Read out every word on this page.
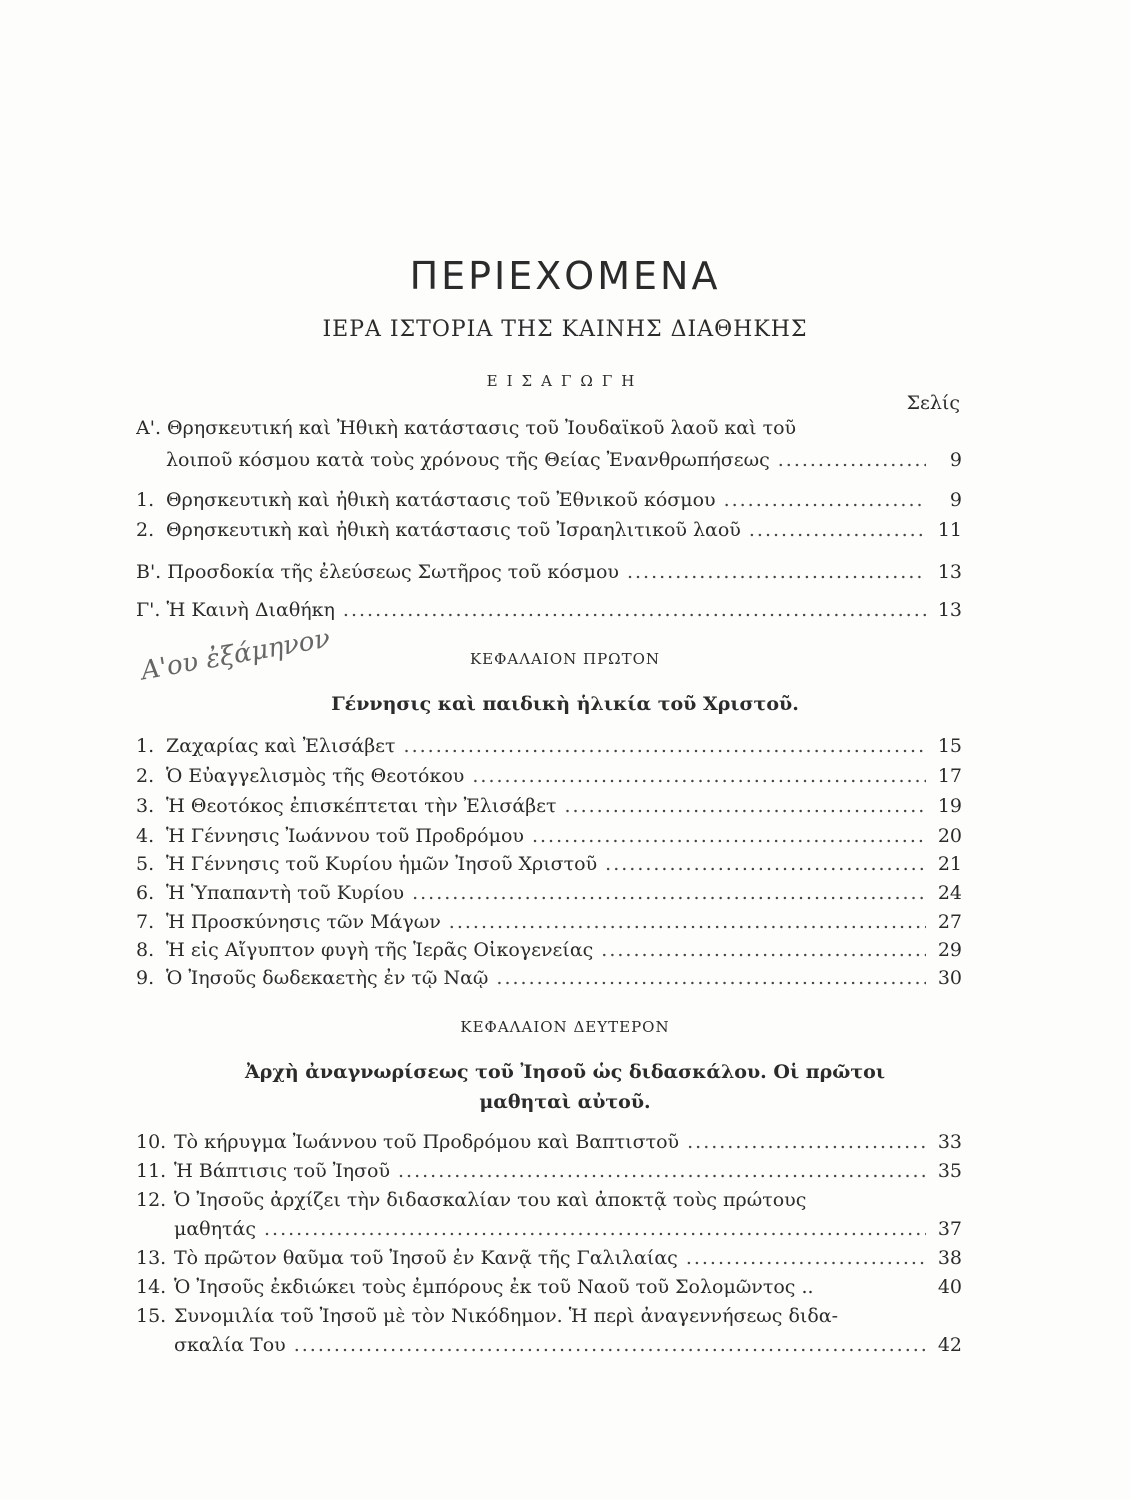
ΠΕΡΙΕΧΟΜΕΝΑ
ΙΕΡΑ ΙΣΤΟΡΙΑ ΤΗΣ ΚΑΙΝΗΣ ΔΙΑΘΗΚΗΣ
ΕΙΣΑΓΩΓΗ
Σελίς
Α'. Θρησκευτική καὶ Ἠθικὴ κατάστασις τοῦ Ἰουδαϊκοῦ λαοῦ καὶ τοῦ
λοιποῦ κόσμου κατὰ τοὺς χρόνους τῆς Θείας Ἐνανθρωπήσεως .....	9
1. Θρησκευτικὴ καὶ ἠθικὴ κατάστασις τοῦ Ἐθνικοῦ κόσμου .....	9
2. Θρησκευτικὴ καὶ ἠθικὴ κατάστασις τοῦ Ἰσραηλιτικοῦ λαοῦ .....	11
Β'. Προσδοκία τῆς ἐλεύσεως Σωτῆρος τοῦ κόσμου .....	13
Γ'. Ἡ Καινὴ Διαθήκη .....	13
Α'ου ἐξάμηνον	ΚΕΦΑΛΑΙΟΝ ΠΡΩΤΟΝ
Γέννησις καὶ παιδικὴ ἡλικία τοῦ Χριστοῦ.
1. Ζαχαρίας καὶ Ἐλισάβετ .....	15
2. Ὁ Εὐαγγελισμὸς τῆς Θεοτόκου .....	17
3. Ἡ Θεοτόκος ἐπισκέπτεται τὴν Ἐλισάβετ .....	19
4. Ἡ Γέννησις Ἰωάννου τοῦ Προδρόμου .....	20
5. Ἡ Γέννησις τοῦ Κυρίου ἡμῶν Ἰησοῦ Χριστοῦ .....	21
6. Ἡ Ὑπαπαντὴ τοῦ Κυρίου .....	24
7. Ἡ Προσκύνησις τῶν Μάγων .....	27
8. Ἡ εἰς Αἴγυπτον φυγὴ τῆς Ἱερᾶς Οἰκογενείας .....	29
9. Ὁ Ἰησοῦς δωδεκαετὴς ἐν τῷ Ναῷ .....	30
ΚΕΦΑΛΑΙΟΝ ΔΕΥΤΕΡΟΝ
Ἀρχὴ ἀναγνωρίσεως τοῦ Ἰησοῦ ὡς διδασκάλου. Οἱ πρῶτοι
μαθηταὶ αὐτοῦ.
10. Τὸ κήρυγμα Ἰωάννου τοῦ Προδρόμου καὶ Βαπτιστοῦ .....	33
11. Ἡ Βάπτισις τοῦ Ἰησοῦ .....	35
12. Ὁ Ἰησοῦς ἀρχίζει τὴν διδασκαλίαν του καὶ ἀποκτᾷ τοὺς πρώτους
μαθητάς .....	37
13. Τὸ πρῶτον θαῦμα τοῦ Ἰησοῦ ἐν Κανᾷ τῆς Γαλιλαίας .....	38
14. Ὁ Ἰησοῦς ἐκδιώκει τοὺς ἐμπόρους ἐκ τοῦ Ναοῦ τοῦ Σολομῶντος ..	40
15. Συνομιλία τοῦ Ἰησοῦ μὲ τὸν Νικόδημον. Ἡ περὶ ἀναγεννήσεως διδα-
σκαλία Του .....	42
